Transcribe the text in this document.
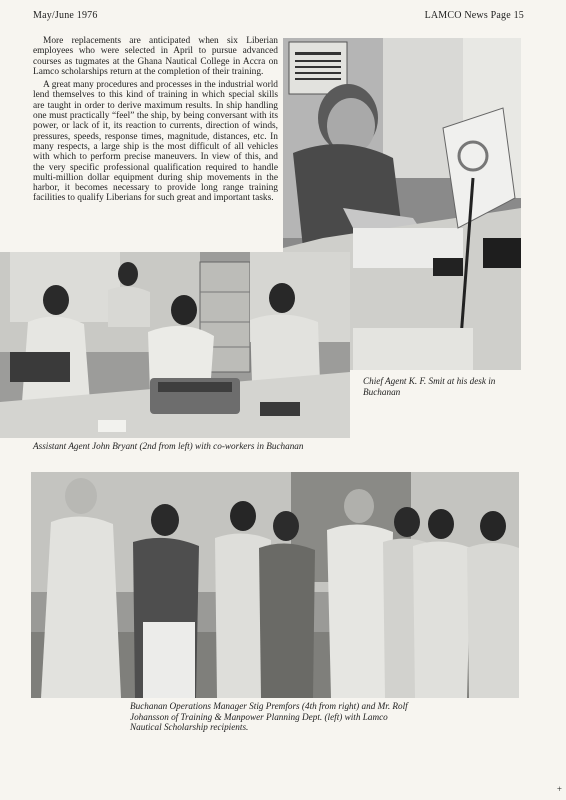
May/June 1976	LAMCO News Page 15

More replacements are anticipated when six Liberian employees who were selected in April to pursue advanced courses as tugmates at the Ghana Nautical College in Accra on Lamco scholarships return at the completion of their training.

A great many procedures and processes in the industrial world lend themselves to this kind of training in which special skills are taught in order to derive maximum results. In ship handling one must practically “feel” the ship, by being conversant with its power, or lack of it, its reaction to currents, direction of winds, pressures, speeds, response times, magnitude, distances, etc. In many respects, a large ship is the most difficult of all vehicles with which to perform precise maneuvers. In view of this, and the very specific professional qualification required to handle multi-million dollar equipment during ship movements in the harbor, it becomes necessary to provide long range training facilities to qualify Liberians for such great and important tasks.

Chief Agent K. F. Smit at his desk in Buchanan

Assistant Agent John Bryant (2nd from left) with co-workers in Buchanan

Buchanan Operations Manager Stig Premfors (4th from right) and Mr. Rolf Johansson of Training & Manpower Planning Dept. (left) with Lamco Nautical Scholarship recipients.

+
